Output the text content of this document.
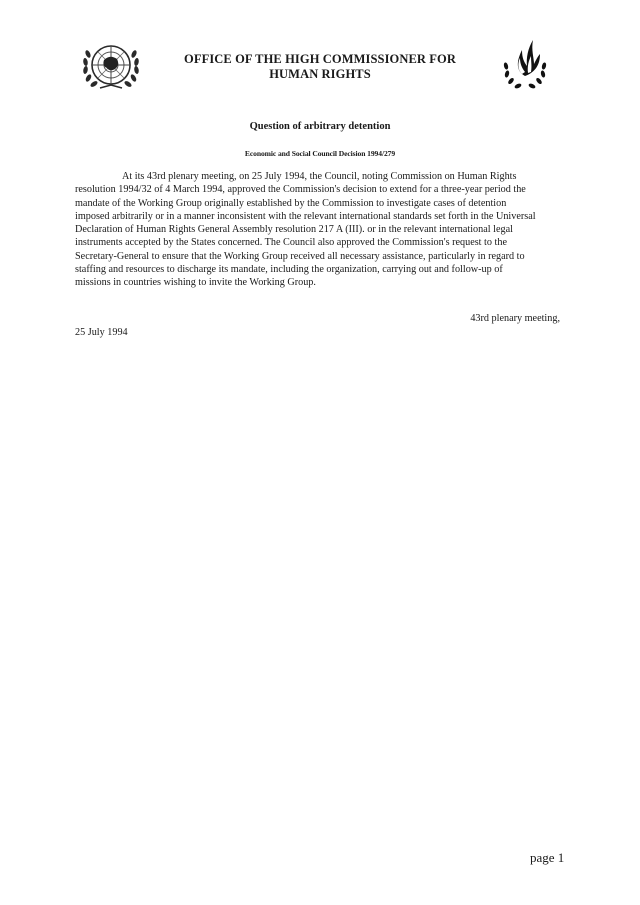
OFFICE OF THE HIGH COMMISSIONER FOR
HUMAN RIGHTS
Question of arbitrary detention
Economic and Social Council Decision 1994/279
At its 43rd plenary meeting, on 25 July 1994, the Council, noting Commission on Human Rights
resolution 1994/32 of 4 March 1994, approved the Commission's decision to extend for a three-year period the
mandate of the Working Group originally established by the Commission to investigate cases of detention
imposed arbitrarily or in a manner inconsistent with the relevant international standards set forth in the Universal
Declaration of Human Rights General Assembly resolution 217 A (III). or in the relevant international legal
instruments accepted by the States concerned. The Council also approved the Commission's request to the
Secretary-General to ensure that the Working Group received all necessary assistance, particularly in regard to
staffing and resources to discharge its mandate, including the organization, carrying out and follow-up of
missions in countries wishing to invite the Working Group.
43rd plenary meeting,
25 July 1994
page 1
